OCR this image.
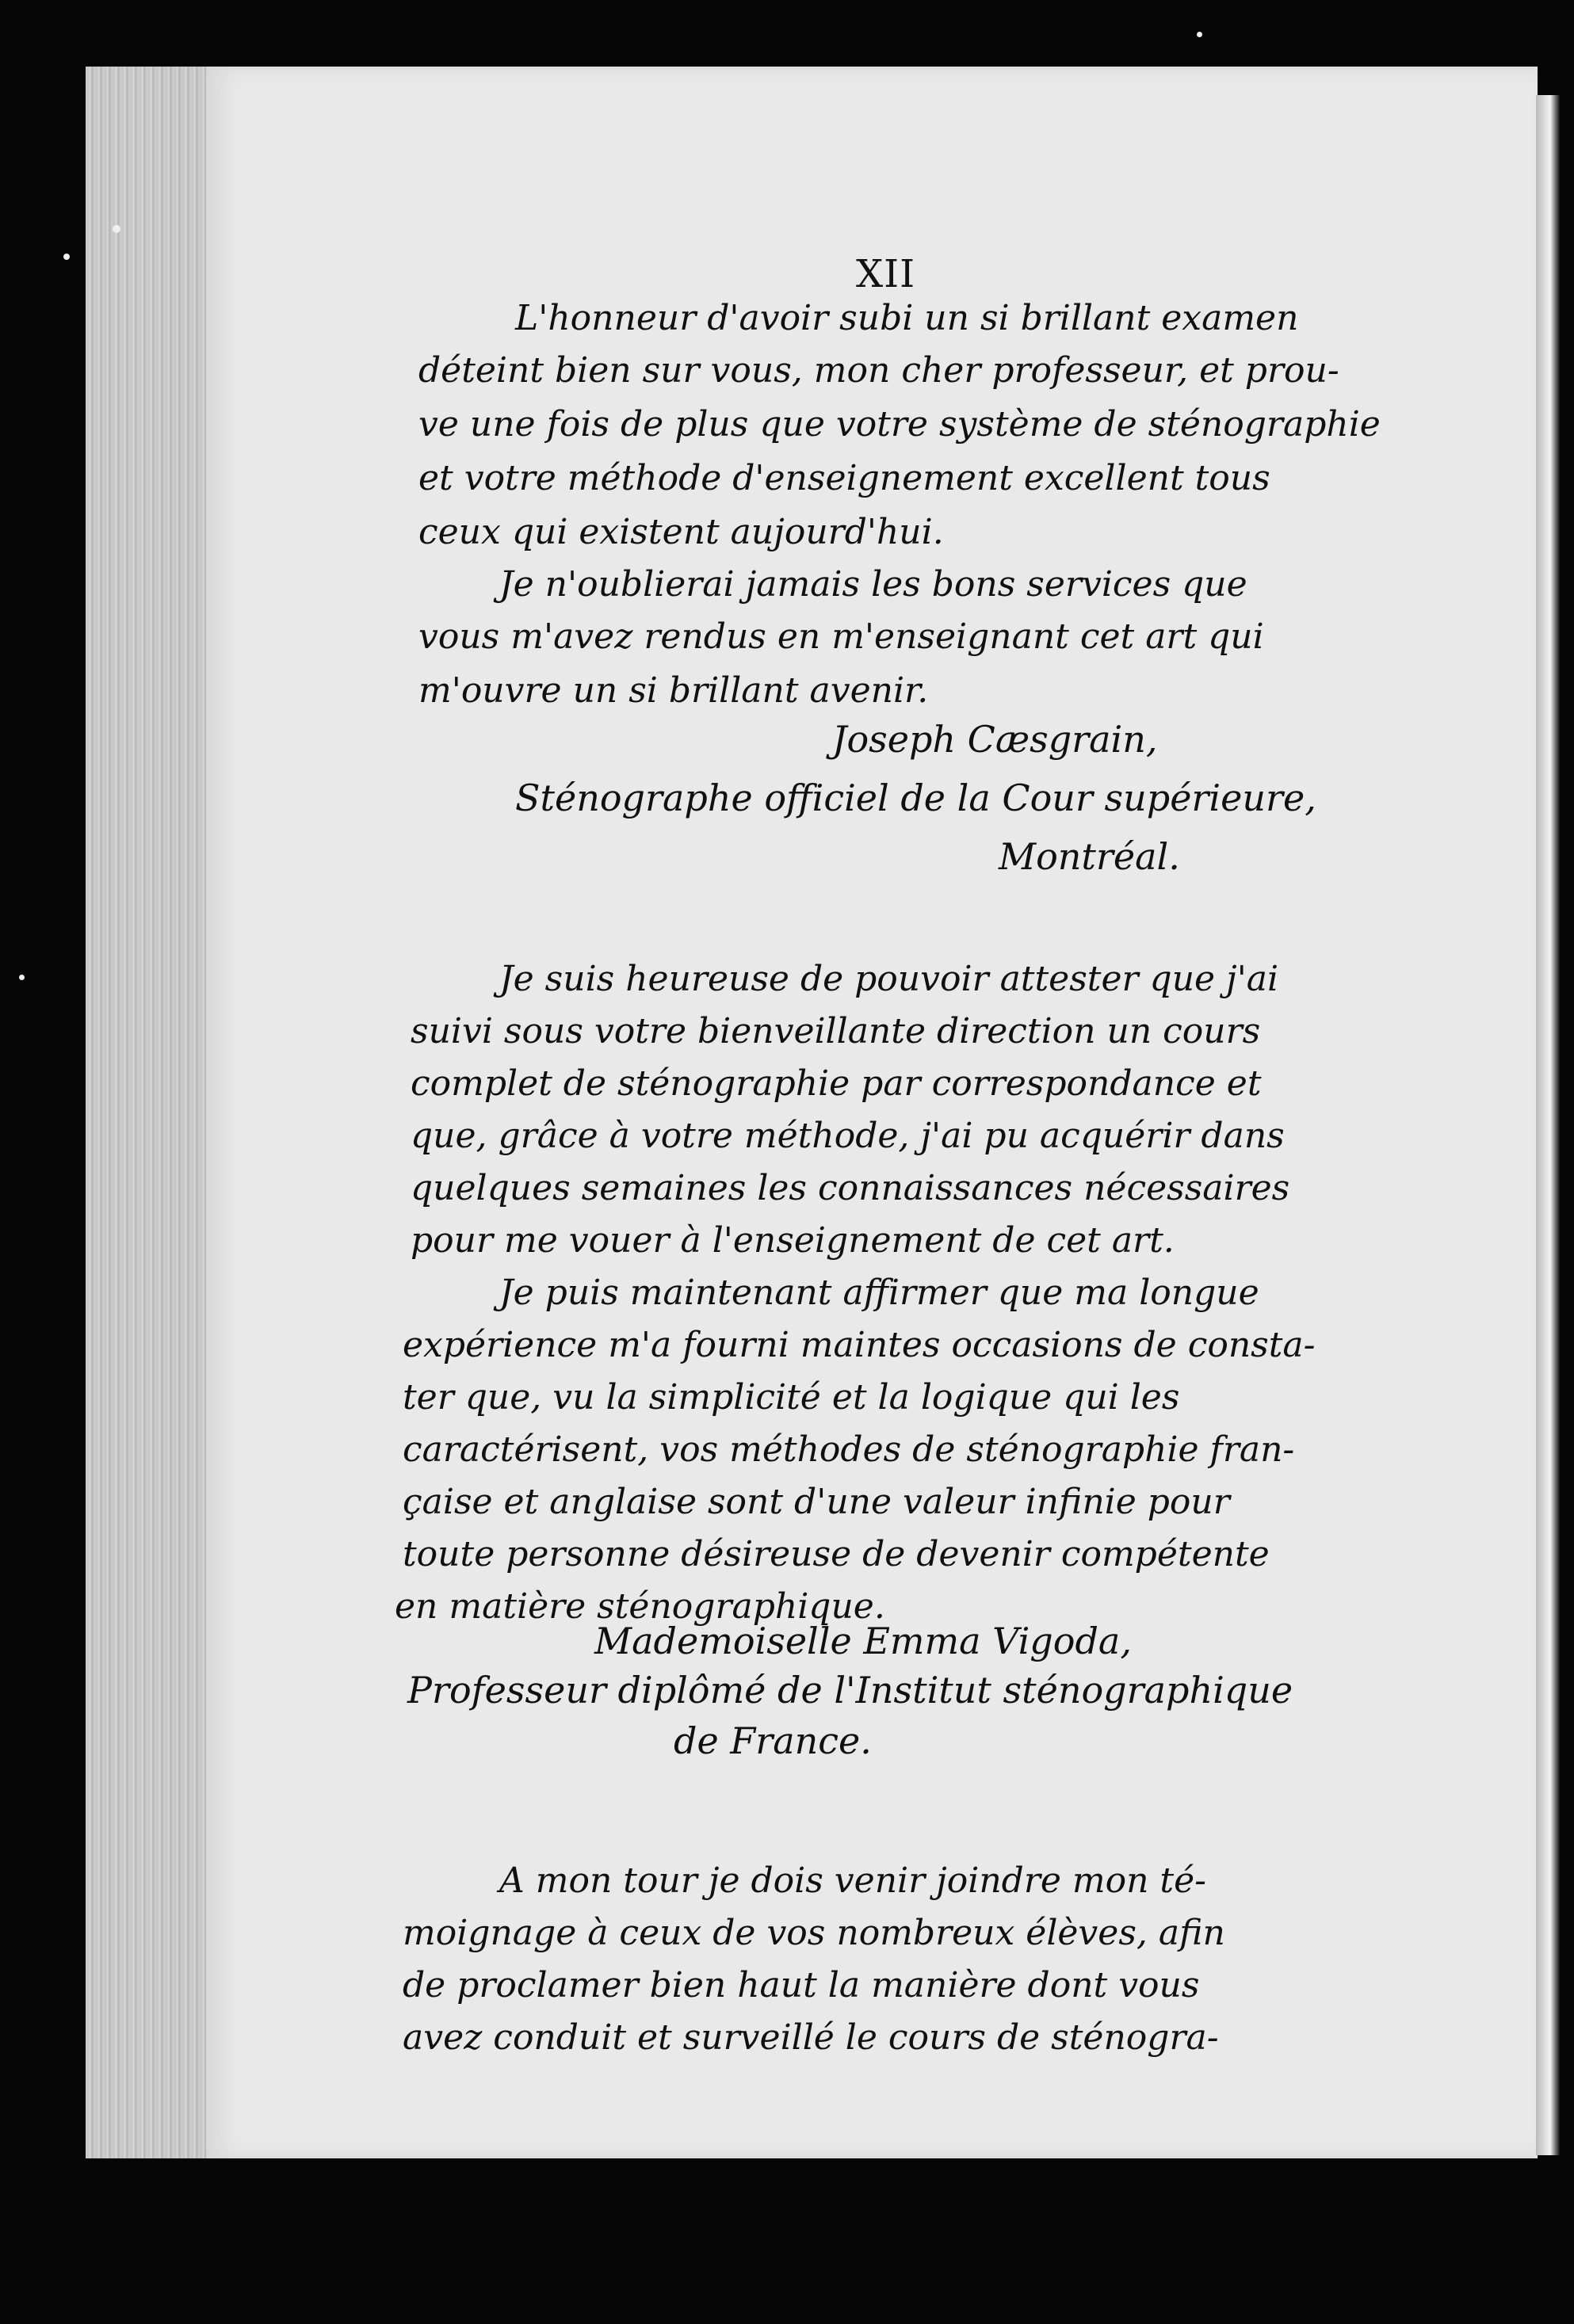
XII
L'honneur d'avoir subi un si brillant examen
déteint bien sur vous, mon cher professeur, et prou-
ve une fois de plus que votre système de sténographie
et votre méthode d'enseignement excellent tous
ceux qui existent aujourd'hui.
Je n'oublierai jamais les bons services que
vous m'avez rendus en m'enseignant cet art qui
m'ouvre un si brillant avenir.
Joseph Cæsgrain,
Sténographe officiel de la Cour supérieure,
Montréal.
Je suis heureuse de pouvoir attester que j'ai
suivi sous votre bienveillante direction un cours
complet de sténographie par correspondance et
que, grâce à votre méthode, j'ai pu acquérir dans
quelques semaines les connaissances nécessaires
pour me vouer à l'enseignement de cet art.
Je puis maintenant affirmer que ma longue
expérience m'a fourni maintes occasions de consta-
ter que, vu la simplicité et la logique qui les
caractérisent, vos méthodes de sténographie fran-
çaise et anglaise sont d'une valeur infinie pour
toute personne désireuse de devenir compétente
en matière sténographique.
Mademoiselle Emma Vigoda,
Professeur diplômé de l'Institut sténographique
de France.
A mon tour je dois venir joindre mon té-
moignage à ceux de vos nombreux élèves, afin
de proclamer bien haut la manière dont vous
avez conduit et surveillé le cours de sténogra-
